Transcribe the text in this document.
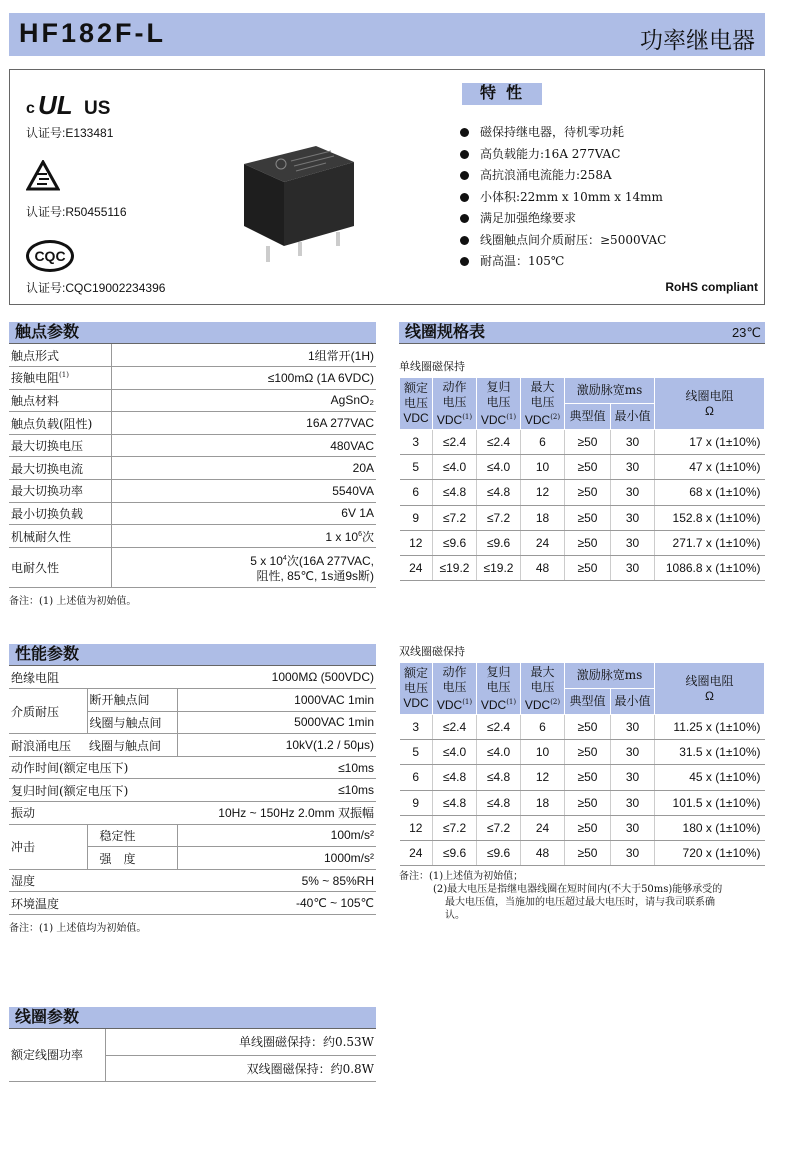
HF182F-L	功率继电器
c UL US
认证号:E133481
认证号:R50455116
CQC
认证号:CQC19002234396
特性
磁保持继电器，待机零功耗
高负载能力:16A 277VAC
高抗浪涌电流能力:258A
小体积:22mm x 10mm x 14mm
满足加强绝缘要求
线圈触点间介质耐压：≥5000VAC
耐高温：105℃
RoHS compliant
触点参数
触点形式	1组常开(1H)
接触电阻$^{(1)}$	≤100mΩ (1A 6VDC)
触点材料	AgSnO₂
触点负载(阻性)	16A 277VAC
最大切换电压	480VAC
最大切换电流	20A
最大切换功率	5540VA
最小切换负载	6V 1A
机械耐久性	1 x $10^6$次
电耐久性	5 x $10^4$次(16A 277VAC,
阻性, 85℃, 1s通9s断)
备注：(1) 上述值为初始值。
性能参数
绝缘电阻		1000MΩ (500VDC)
介质耐压	断开触点间	1000VAC 1min
	线圈与触点间	5000VAC 1min
耐浪涌电压	线圈与触点间	10kV(1.2 / 50μs)
动作时间(额定电压下)		≤10ms
复归时间(额定电压下)		≤10ms
振动		10Hz ~ 150Hz 2.0mm 双振幅
冲击	稳定性	100m/s²
	强　度	1000m/s²
湿度		5% ~ 85%RH
环境温度		-40℃ ~ 105℃
备注：(1) 上述值均为初始值。
线圈参数
额定线圈功率	单线圈磁保持：约0.53W
双线圈磁保持：约0.8W
线圈规格表	23℃
单线圈磁保持
额定
电压
VDC	动作
电压
VDC$^{(1)}$	复归
电压
VDC$^{(1)}$	最大
电压
VDC$^{(2)}$	激励脉宽ms		线圈电阻
Ω
				典型值	最小值	
3	≤2.4	≤2.4	6	≥50	30	17 x (1±10%)
5	≤4.0	≤4.0	10	≥50	30	47 x (1±10%)
6	≤4.8	≤4.8	12	≥50	30	68 x (1±10%)
9	≤7.2	≤7.2	18	≥50	30	152.8 x (1±10%)
12	≤9.6	≤9.6	24	≥50	30	271.7 x (1±10%)
24	≤19.2	≤19.2	48	≥50	30	1086.8 x (1±10%)
双线圈磁保持
额定
电压
VDC	动作
电压
VDC$^{(1)}$	复归
电压
VDC$^{(1)}$	最大
电压
VDC$^{(2)}$	激励脉宽ms		线圈电阻
Ω
				典型值	最小值	
3	≤2.4	≤2.4	6	≥50	30	11.25 x (1±10%)
5	≤4.0	≤4.0	10	≥50	30	31.5 x (1±10%)
6	≤4.8	≤4.8	12	≥50	30	45 x (1±10%)
9	≤4.8	≤4.8	18	≥50	30	101.5 x (1±10%)
12	≤7.2	≤7.2	24	≥50	30	180 x (1±10%)
24	≤9.6	≤9.6	48	≥50	30	720 x (1±10%)
备注：(1)上述值为初始值；
(2)最大电压是指继电器线圈在短时间内(不大于50ms)能够承受的
最大电压值，当施加的电压超过最大电压时，请与我司联系确
认。
